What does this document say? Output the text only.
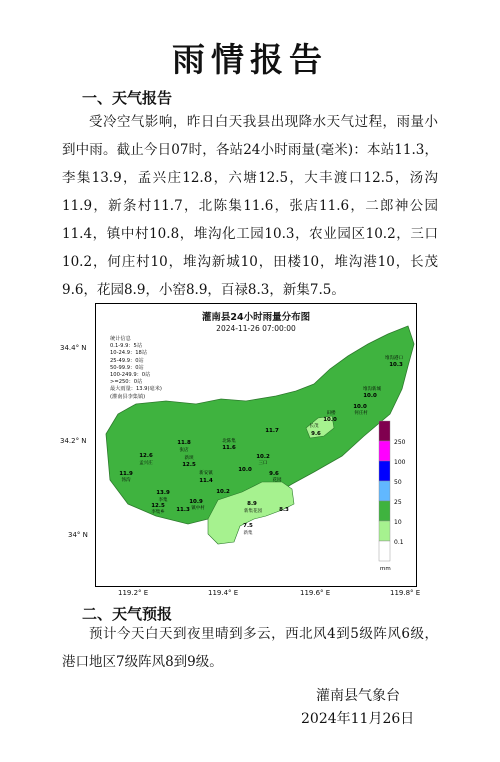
雨情报告
一、天气报告
受冷空气影响，昨日白天我县出现降水天气过程，雨量小到中雨。截止今日07时，各站24小时雨量(毫米)：本站11.3，李集13.9，孟兴庄12.8，六塘12.5，大丰渡口12.5，汤沟11.9，新条村11.7，北陈集11.6，张店11.6，二郎神公园11.4，镇中村10.8，堆沟化工园10.3，农业园区10.2，三口10.2，何庄村10，堆沟新城10，田楼10，堆沟港10，长茂9.6，花园8.9，小窑8.9，百禄8.3，新集7.5。
250
100
50
25
10
0.1
mm
堆沟港口
10.3
堆沟新城
10.0
田楼
10.0
10.0
何庄村
长茂
9.6
11.7
11.9
汤沟
11.8
张店
12.6
孟兴庄
北陈集
11.6
新坝
12.5
10.2
三口
10.0
新安镇
11.4
13.9
李集
12.5
李集乡
10.9
镇中村
11.3
10.2
9.6
花园
8.9
新集花园
7.5
新集
8.3
灌南县24小时雨量分布图
2024-11-26 07:00:00
统计信息
0.1-9.9：5站
10-24.9：18站
25-49.9：0站
50-99.9：0站
100-249.9：0站
>=250：0站
最大雨量：13.9(毫米)
(灌南县李集镇)
34.4° N
34.2° N
34° N
119.2° E	119.4° E	119.6° E	119.8° E
二、天气预报
预计今天白天到夜里晴到多云，西北风4到5级阵风6级，港口地区7级阵风8到9级。
灌南县气象台
2024年11月26日
